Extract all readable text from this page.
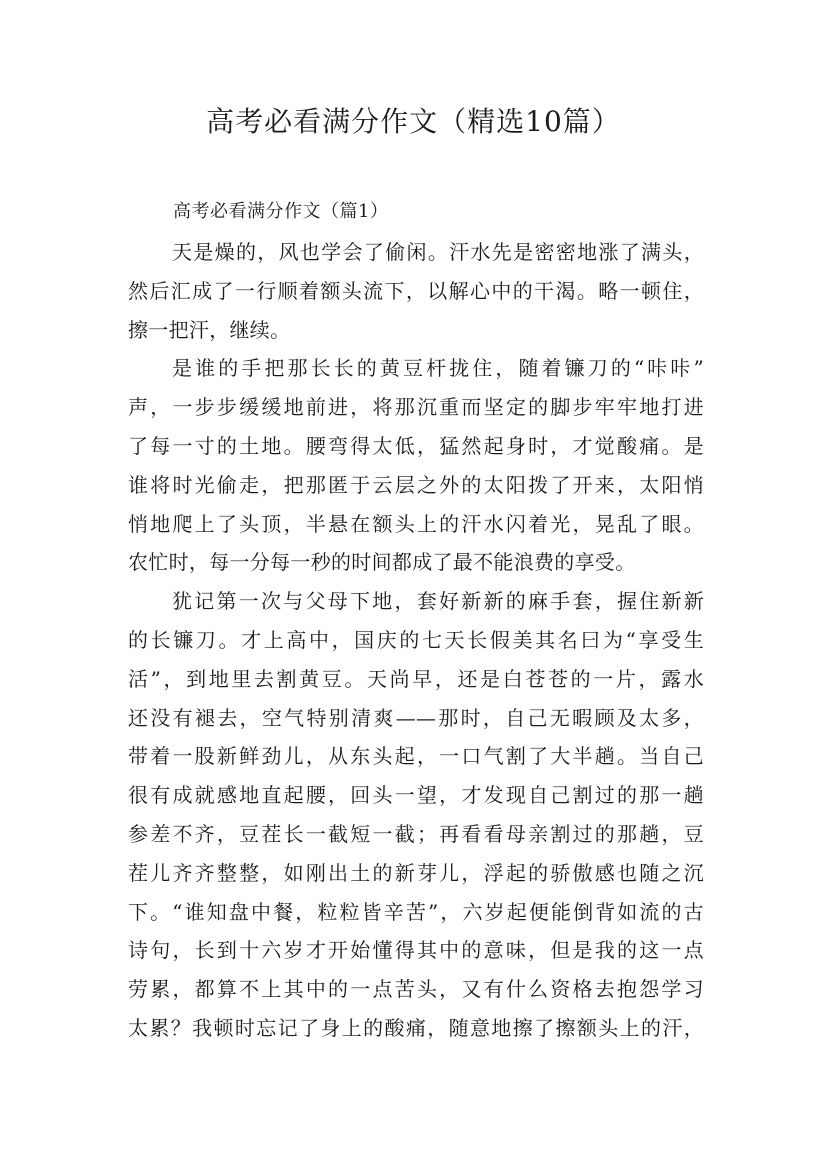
高考必看满分作文（精选10篇）

高考必看满分作文（篇1）

天是燥的，风也学会了偷闲。汗水先是密密地涨了满头，
然后汇成了一行顺着额头流下，以解心中的干渴。略一顿住，
擦一把汗，继续。
是谁的手把那长长的黄豆杆拢住，随着镰刀的“咔咔”
声，一步步缓缓地前进，将那沉重而坚定的脚步牢牢地打进
了每一寸的土地。腰弯得太低，猛然起身时，才觉酸痛。是
谁将时光偷走，把那匿于云层之外的太阳拨了开来，太阳悄
悄地爬上了头顶，半悬在额头上的汗水闪着光，晃乱了眼。
农忙时，每一分每一秒的时间都成了最不能浪费的享受。
犹记第一次与父母下地，套好新新的麻手套，握住新新
的长镰刀。才上高中，国庆的七天长假美其名曰为“享受生
活”，到地里去割黄豆。天尚早，还是白苍苍的一片，露水
还没有褪去，空气特别清爽——那时，自己无暇顾及太多，
带着一股新鲜劲儿，从东头起，一口气割了大半趟。当自己
很有成就感地直起腰，回头一望，才发现自己割过的那一趟
参差不齐，豆茬长一截短一截；再看看母亲割过的那趟，豆
茬儿齐齐整整，如刚出土的新芽儿，浮起的骄傲感也随之沉
下。“谁知盘中餐，粒粒皆辛苦”，六岁起便能倒背如流的古
诗句，长到十六岁才开始懂得其中的意味，但是我的这一点
劳累，都算不上其中的一点苦头，又有什么资格去抱怨学习
太累？我顿时忘记了身上的酸痛，随意地擦了擦额头上的汗，
